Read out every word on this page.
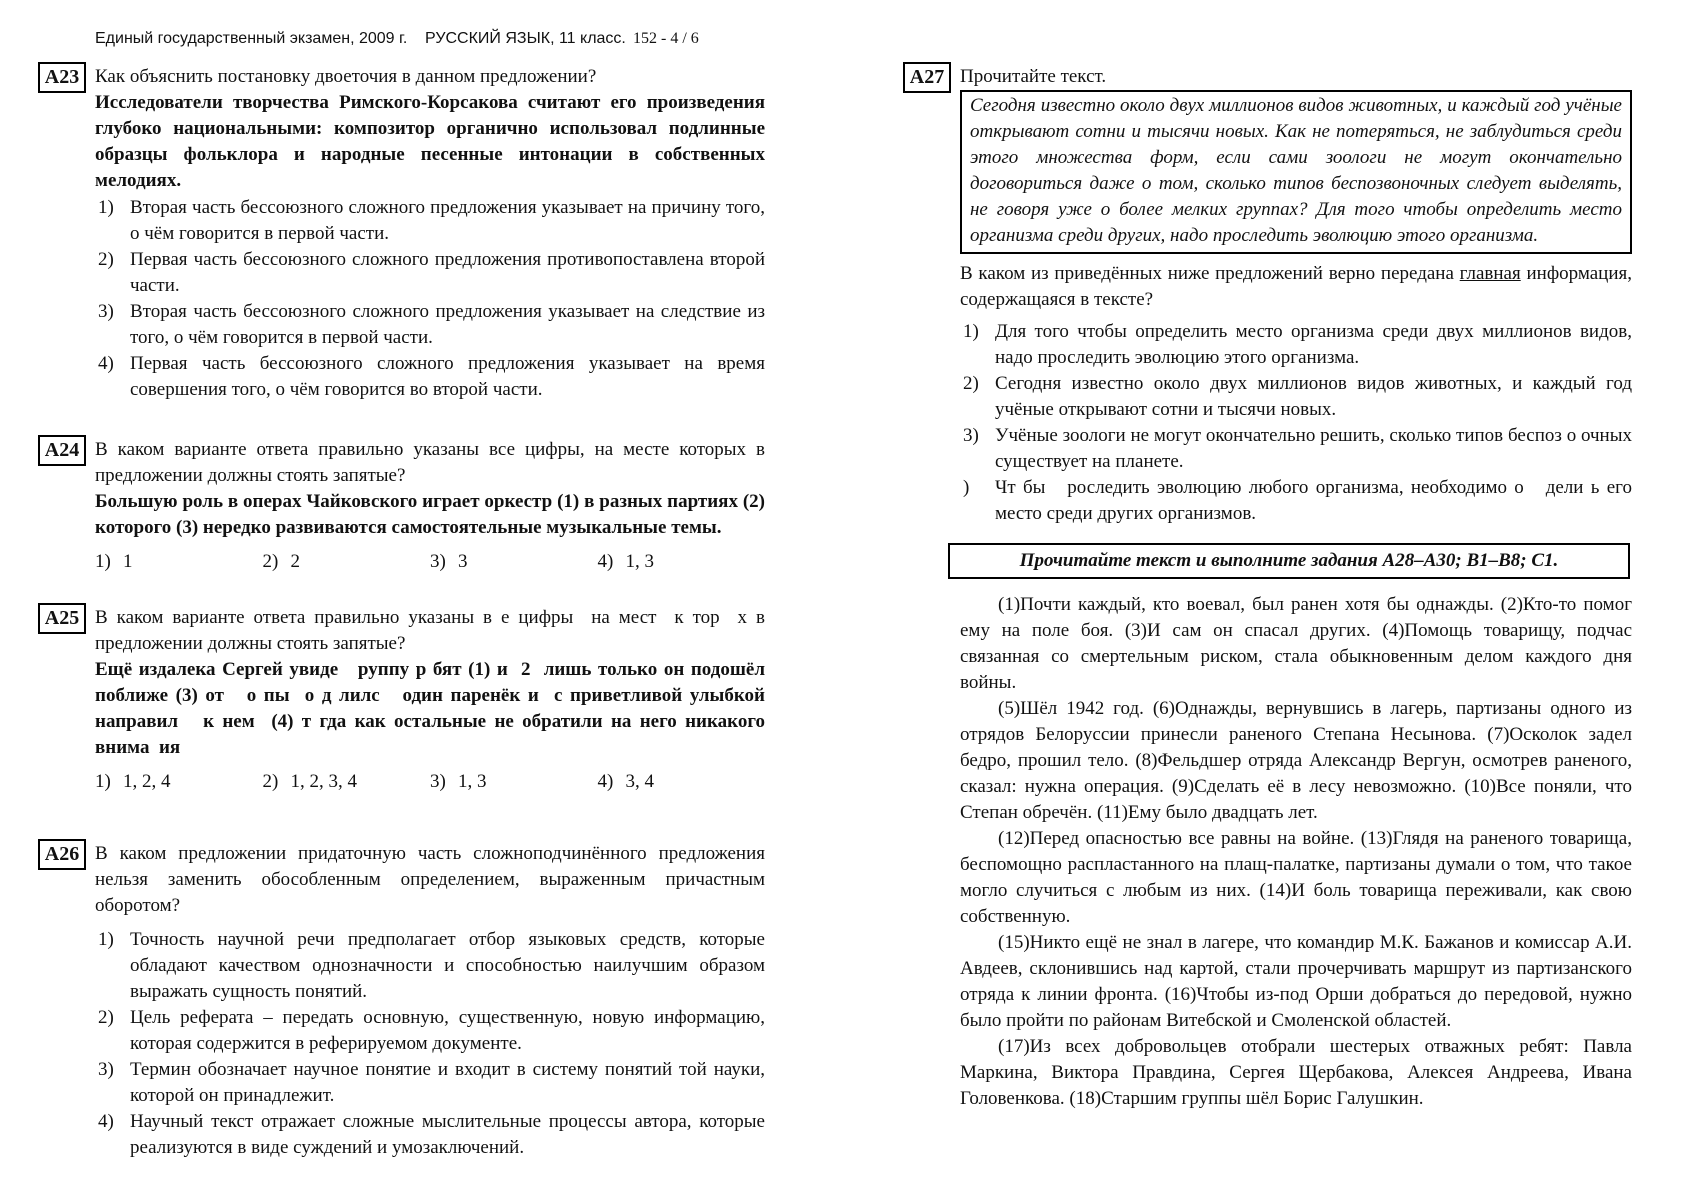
Единый государственный экзамен, 2009 г. РУССКИЙ ЯЗЫК, 11 класс. 152 - 4 / 6
А23 Как объяснить постановку двоеточия в данном предложении?
Исследователи творчества Римского-Корсакова считают его произведения глубоко национальными: композитор органично использовал подлинные образцы фольклора и народные песенные интонации в собственных мелодиях.
1) Вторая часть бессоюзного сложного предложения указывает на причину того, о чём говорится в первой части.
2) Первая часть бессоюзного сложного предложения противопоставлена второй части.
3) Вторая часть бессоюзного сложного предложения указывает на следствие из того, о чём говорится в первой части.
4) Первая часть бессоюзного сложного предложения указывает на время совершения того, о чём говорится во второй части.
А24 В каком варианте ответа правильно указаны все цифры, на месте которых в предложении должны стоять запятые?
Большую роль в операх Чайковского играет оркестр (1) в разных партиях (2) которого (3) нередко развиваются самостоятельные музыкальные темы.
1) 1	2) 2	3) 3	4) 1, 3
А25 В каком варианте ответа правильно указаны в е цифры  на мест  к тор  х в предложении должны стоять запятые?
Ещё издалека Сергей увиде   руппу р бят (1) и  2  лишь только он подошёл поближе (3) от   о пы  о д лилс   один паренёк и  с приветливой улыбкой направил   к нем  (4) т гда как остальные не обратили на него никакого внима  ия
1) 1, 2, 4	2) 1, 2, 3, 4	3) 1, 3	4) 3, 4
А26 В каком предложении придаточную часть сложноподчинённого предложения нельзя заменить обособленным определением, выраженным причастным оборотом?
1) Точность научной речи предполагает отбор языковых средств, которые обладают качеством однозначности и способностью наилучшим образом выражать сущность понятий.
2) Цель реферата – передать основную, существенную, новую информацию, которая содержится в реферируемом документе.
3) Термин обозначает научное понятие и входит в систему понятий той науки, которой он принадлежит.
4) Научный текст отражает сложные мыслительные процессы автора, которые реализуются в виде суждений и умозаключений.
А27 Прочитайте текст.
Сегодня известно около двух миллионов видов животных, и каждый год учёные открывают сотни и тысячи новых. Как не потеряться, не заблудиться среди этого множества форм, если сами зоологи не могут окончательно договориться даже о том, сколько типов беспозвоночных следует выделять, не говоря уже о более мелких группах? Для того чтобы определить место организма среди других, надо проследить эволюцию этого организма.
В каком из приведённых ниже предложений верно передана главная информация, содержащаяся в тексте?
1) Для того чтобы определить место организма среди двух миллионов видов, надо проследить эволюцию этого организма.
2) Сегодня известно около двух миллионов видов животных, и каждый год учёные открывают сотни и тысячи новых.
3) Учёные зоологи не могут окончательно решить, сколько типов беспоз о очных существует на планете.
)	Чт бы   роследить эволюцию любого организма, необходимо о   дели ь его место среди других организмов.
Прочитайте текст и выполните задания А28–А30; В1–В8; С1.

(1)Почти каждый, кто воевал, был ранен хотя бы однажды. (2)Кто-то помог ему на поле боя. (3)И сам он спасал других. (4)Помощь товарищу, подчас связанная со смертельным риском, стала обыкновенным делом каждого дня войны.

(5)Шёл 1942 год. (6)Однажды, вернувшись в лагерь, партизаны одного из отрядов Белоруссии принесли раненого Степана Несынова. (7)Осколок задел бедро, прошил тело. (8)Фельдшер отряда Александр Вергун, осмотрев раненого, сказал: нужна операция. (9)Сделать её в лесу невозможно. (10)Все поняли, что Степан обречён. (11)Ему было двадцать лет.

(12)Перед опасностью все равны на войне. (13)Глядя на раненого товарища, беспомощно распластанного на плащ-палатке, партизаны думали о том, что такое могло случиться с любым из них. (14)И боль товарища переживали, как свою собственную.

(15)Никто ещё не знал в лагере, что командир М.К. Бажанов и комиссар А.И. Авдеев, склонившись над картой, стали прочерчивать маршрут из партизанского отряда к линии фронта. (16)Чтобы из-под Орши добраться до передовой, нужно было пройти по районам Витебской и Смоленской областей.

(17)Из всех добровольцев отобрали шестерых отважных ребят: Павла Маркина, Виктора Правдина, Сергея Щербакова, Алексея Андреева, Ивана Головенкова. (18)Старшим группы шёл Борис Галушкин.
